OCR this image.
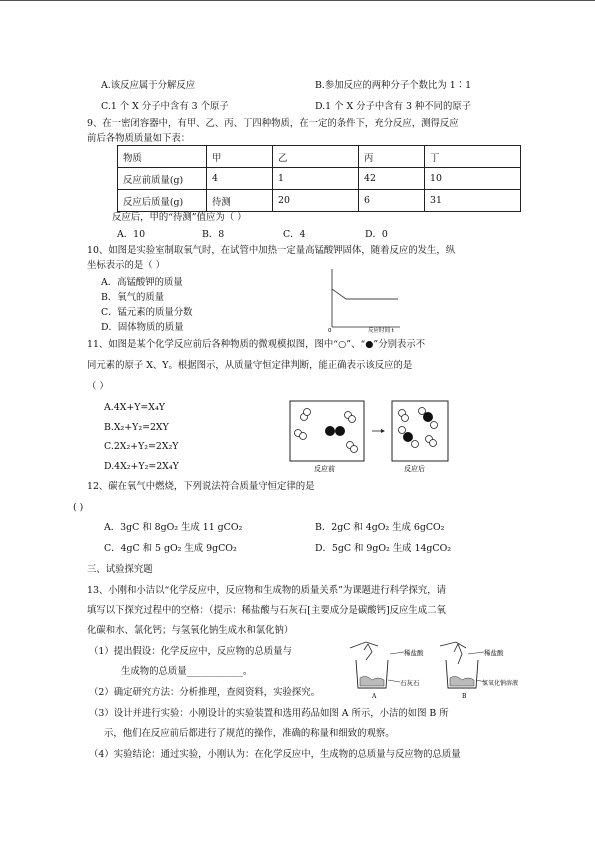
A.该反应属于分解反应	B.参加反应的两种分子个数比为 1∶1
C.1 个 X 分子中含有 3 个原子	D.1 个 X 分子中含有 3 种不同的原子
9、在一密闭容器中，有甲、乙、丙、丁四种物质，在一定的条件下，充分反应，测得反应
前后各物质质量如下表：
物质	甲	乙	丙	丁
反应前质量(g)	4	1	42	10
反应后质量(g)	待测	20	6	31
反应后，甲的“待测”值应为（ ）
A．10	B．8	C．4	D．0
10、如图是实验室制取氧气时，在试管中加热一定量高锰酸钾固体，随着反应的发生，纵
坐标表示的是（ ）
A．高锰酸钾的质量
B．氧气的质量
C．锰元素的质量分数
D．固体物质的质量	0	反应时间 t
11、如图是某个化学反应前后各种物质的微观模拟图，图中“○”、“●”分别表示不
同元素的原子 X、Y。根据图示，从质量守恒定律判断，能正确表示该反应的是
（ ）
A.4X+Y=X₄Y
B.X₂+Y₂=2XY
C.2X₂+Y₂=2X₂Y
D.4X₂+Y₂=2X₄Y	反应前	反应后
12、碳在氧气中燃烧，下列说法符合质量守恒定律的是
( )
A．3gC 和 8gO₂ 生成 11 gCO₂	B．2gC 和 4gO₂ 生成 6gCO₂
C．4gC 和 5 gO₂ 生成 9gCO₂	D．5gC 和 9gO₂ 生成 14gCO₂
三、试验探究题
13、小刚和小洁以“化学反应中，反应物和生成物的质量关系”为课题进行科学探究，请
填写以下探究过程中的空格：（提示：稀盐酸与石灰石[主要成分是碳酸钙]反应生成二氧
化碳和水、氯化钙；与氢氧化钠生成水和氯化钠）
（1）提出假设：化学反应中，反应物的总质量与
生成物的总质量____________。
（2）确定研究方法：分析推理，查阅资料，实验探究。
（3）设计并进行实验：小刚设计的实验装置和选用药品如图 A 所示，小洁的如图 B 所
示，他们在反应前后都进行了规范的操作，准确的称量和细致的观察。
（4）实验结论：通过实验，小刚认为：在化学反应中，生成物的总质量与反应物的总质量
稀盐酸
石灰石
A
稀盐酸
氢氧化钠溶液
B
